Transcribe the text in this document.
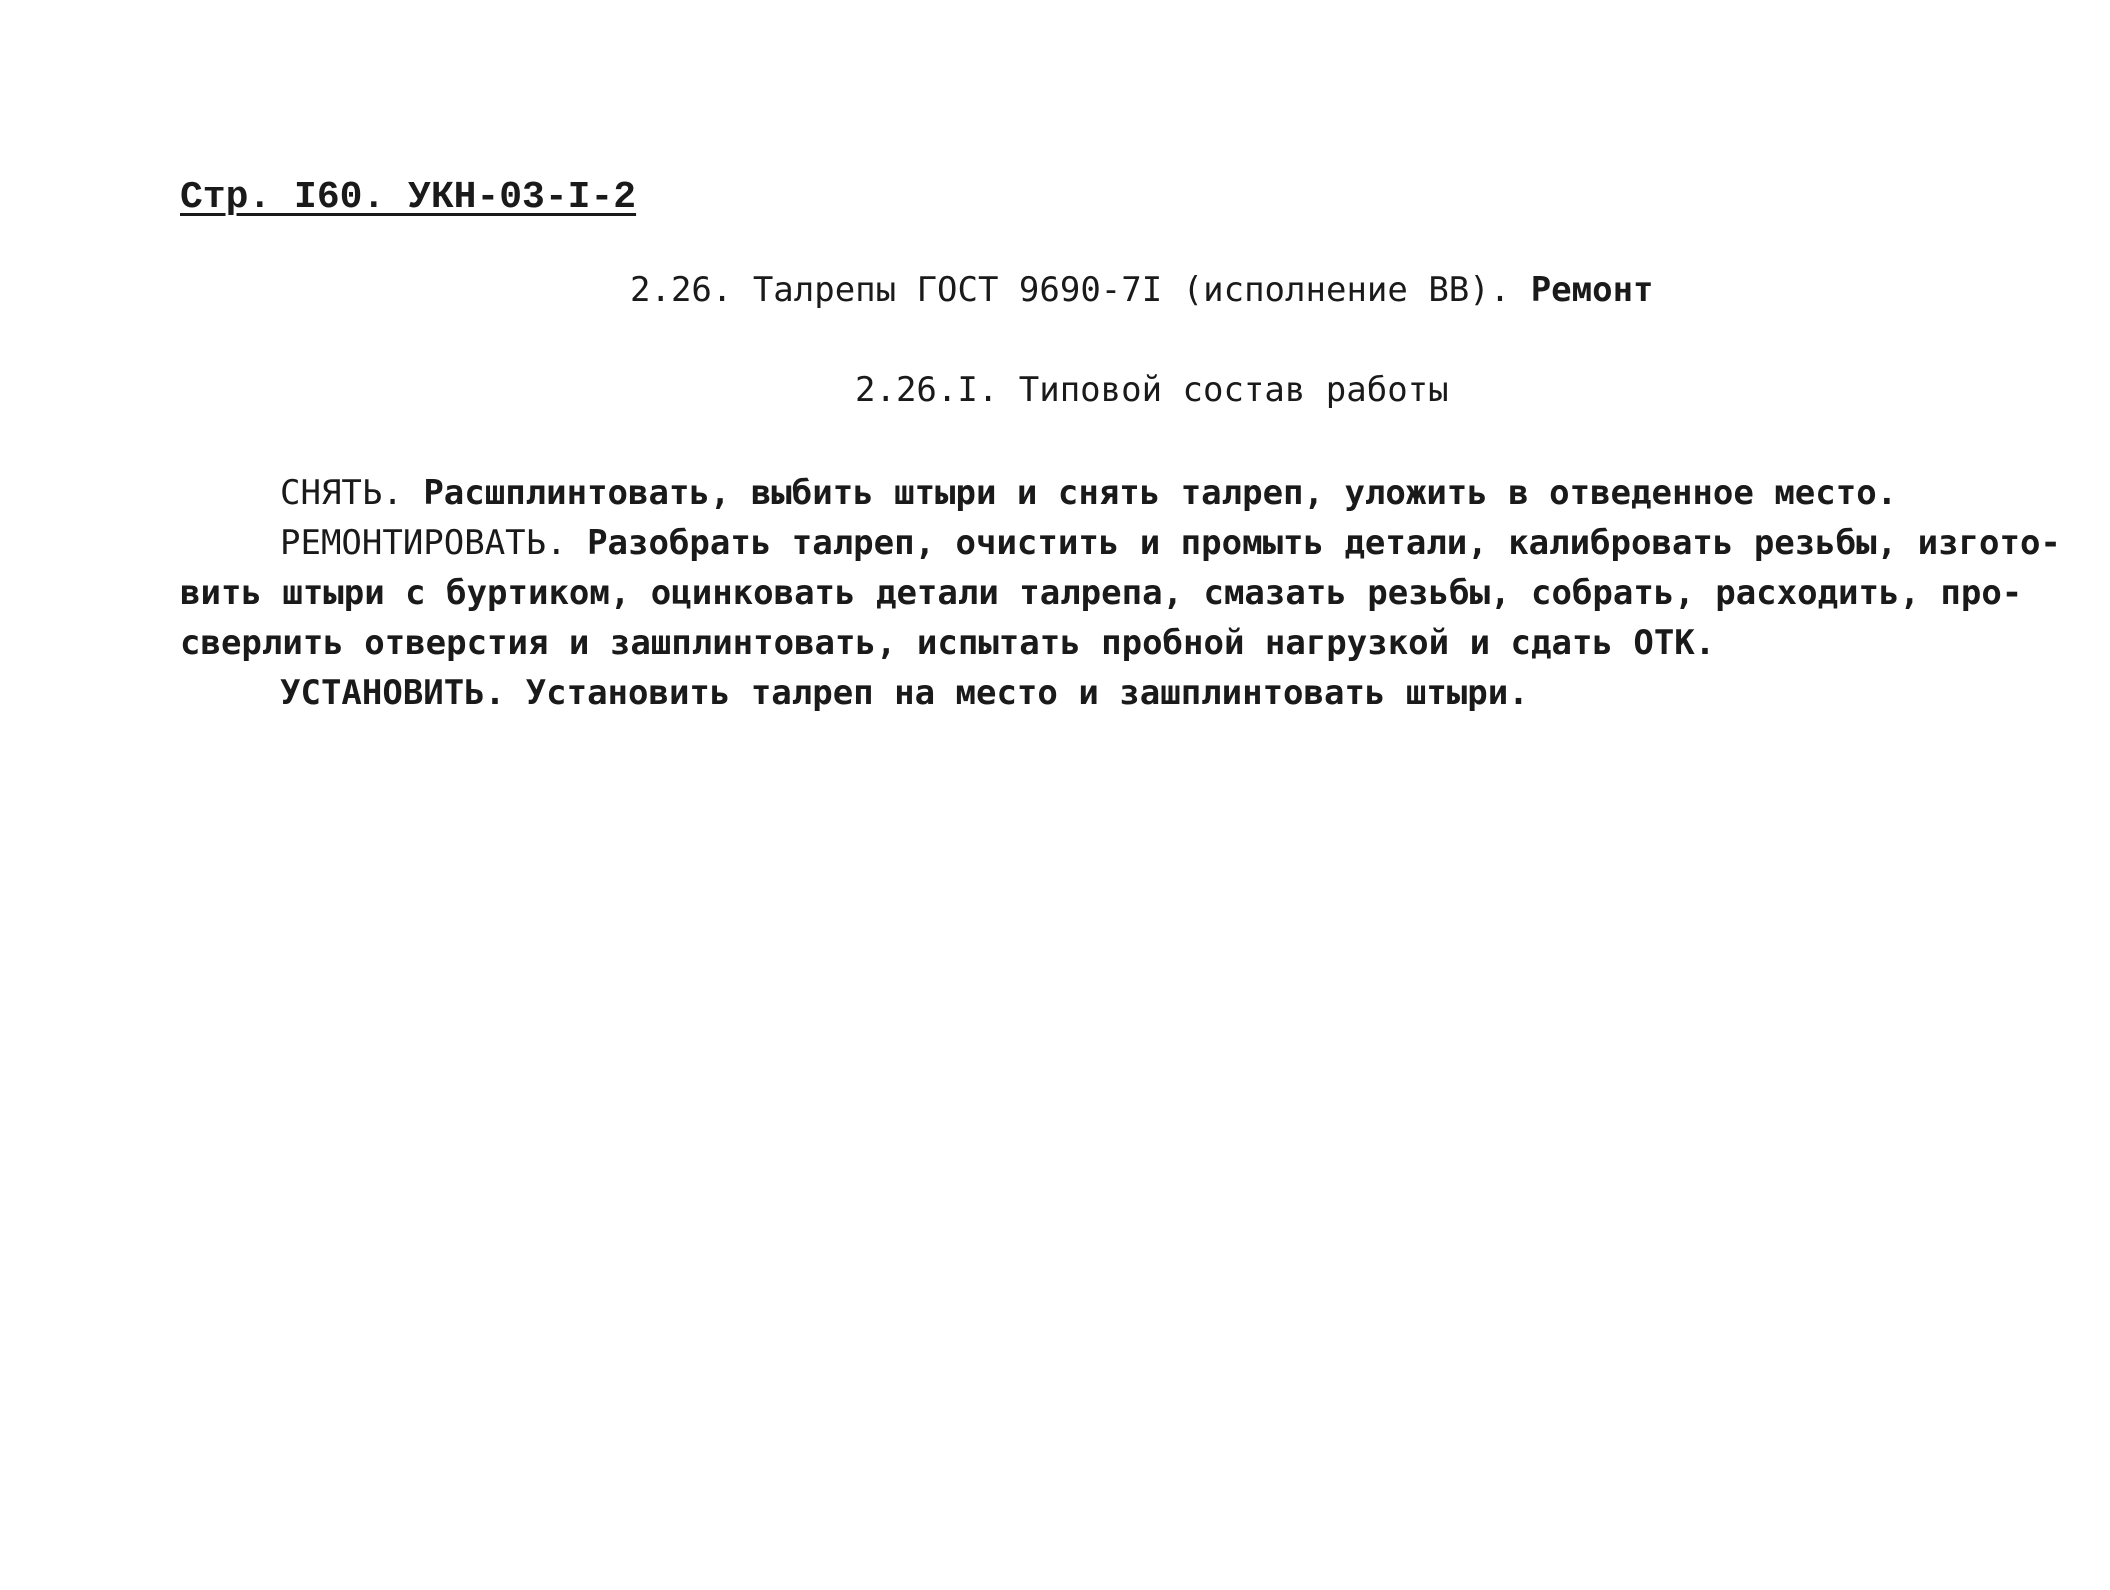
Стр. I60. УКН-03-I-2
2.26. Талрепы ГОСТ 9690-7I (исполнение ВВ). Ремонт
2.26.I. Типовой состав работы
СНЯТЬ. Расшплинтовать, выбить штыри и снять талреп, уложить в отведенное место.
РЕМОНТИРОВАТЬ. Разобрать талреп, очистить и промыть детали, калибровать резьбы, изгото-
вить штыри с буртиком, оцинковать детали талрепа, смазать резьбы, собрать, расходить, про-
сверлить отверстия и зашплинтовать, испытать пробной нагрузкой и сдать ОТК.
УСТАНОВИТЬ. Установить талреп на место и зашплинтовать штыри.
